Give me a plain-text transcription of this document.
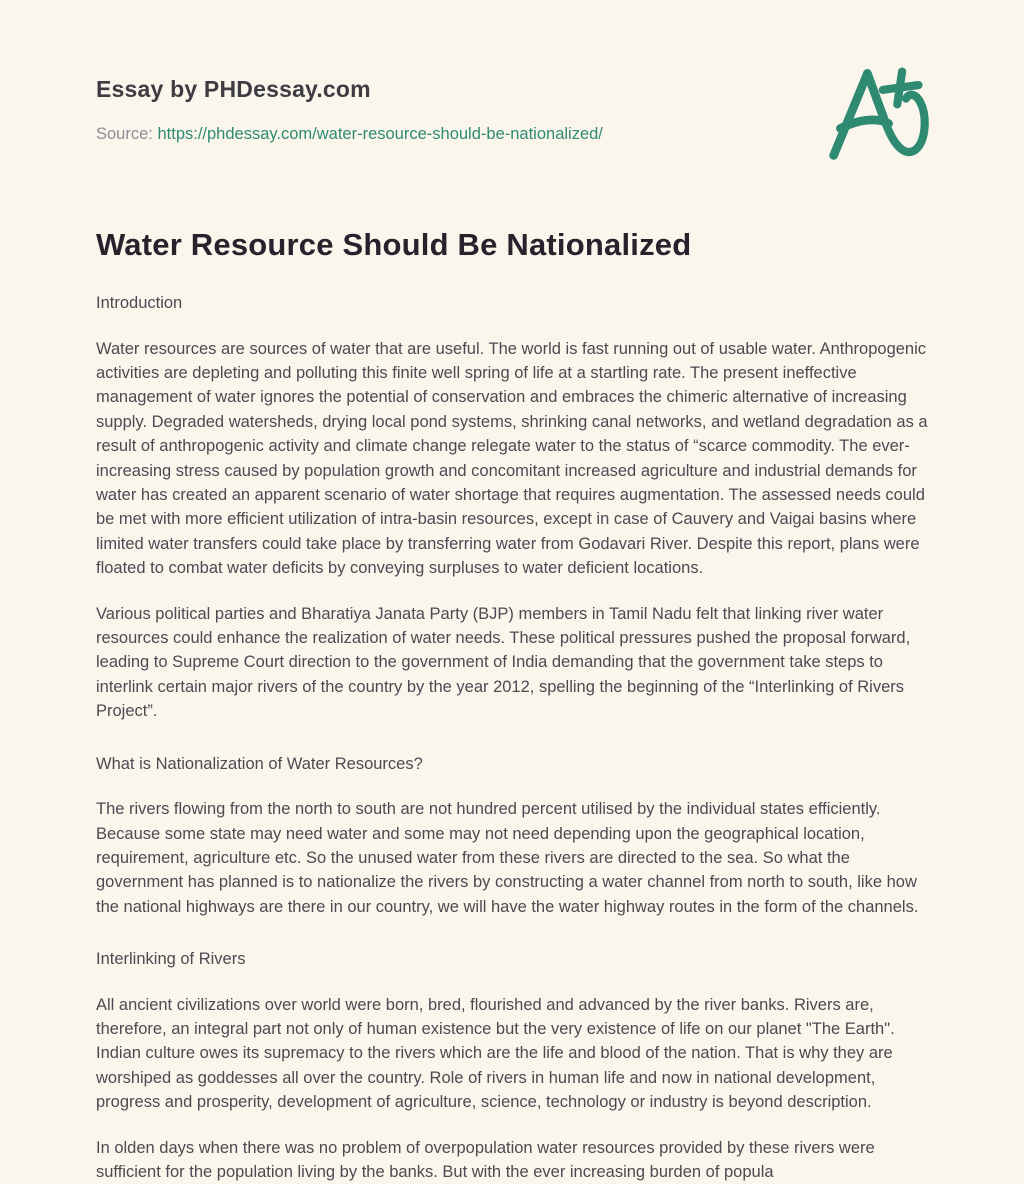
Essay by PHDessay.com

Source: https://phdessay.com/water-resource-should-be-nationalized/

Water Resource Should Be Nationalized

Introduction

Water resources are sources of water that are useful. The world is fast running out of usable water. Anthropogenic activities are depleting and polluting this finite well spring of life at a startling rate. The present ineffective management of water ignores the potential of conservation and embraces the chimeric alternative of increasing supply. Degraded watersheds, drying local pond systems, shrinking canal networks, and wetland degradation as a result of anthropogenic activity and climate change relegate water to the status of “scarce commodity. The ever-increasing stress caused by population growth and concomitant increased agriculture and industrial demands for water has created an apparent scenario of water shortage that requires augmentation. The assessed needs could be met with more efficient utilization of intra-basin resources, except in case of Cauvery and Vaigai basins where limited water transfers could take place by transferring water from Godavari River. Despite this report, plans were floated to combat water deficits by conveying surpluses to water deficient locations.

Various political parties and Bharatiya Janata Party (BJP) members in Tamil Nadu felt that linking river water resources could enhance the realization of water needs. These political pressures pushed the proposal forward, leading to Supreme Court direction to the government of India demanding that the government take steps to interlink certain major rivers of the country by the year 2012, spelling the beginning of the “Interlinking of Rivers Project”.

What is Nationalization of Water Resources?

The rivers flowing from the north to south are not hundred percent utilised by the individual states efficiently. Because some state may need water and some may not need depending upon the geographical location, requirement, agriculture etc. So the unused water from these rivers are directed to the sea. So what the government has planned is to nationalize the rivers by constructing a water channel from north to south, like how the national highways are there in our country, we will have the water highway routes in the form of the channels.

Interlinking of Rivers

All ancient civilizations over world were born, bred, flourished and advanced by the river banks. Rivers are, therefore, an integral part not only of human existence but the very existence of life on our planet "The Earth". Indian culture owes its supremacy to the rivers which are the life and blood of the nation. That is why they are worshiped as goddesses all over the country. Role of rivers in human life and now in national development, progress and prosperity, development of agriculture, science, technology or industry is beyond description.

In olden days when there was no problem of overpopulation water resources provided by these rivers were sufficient for the population living by the banks. But with the ever increasing burden of popula
